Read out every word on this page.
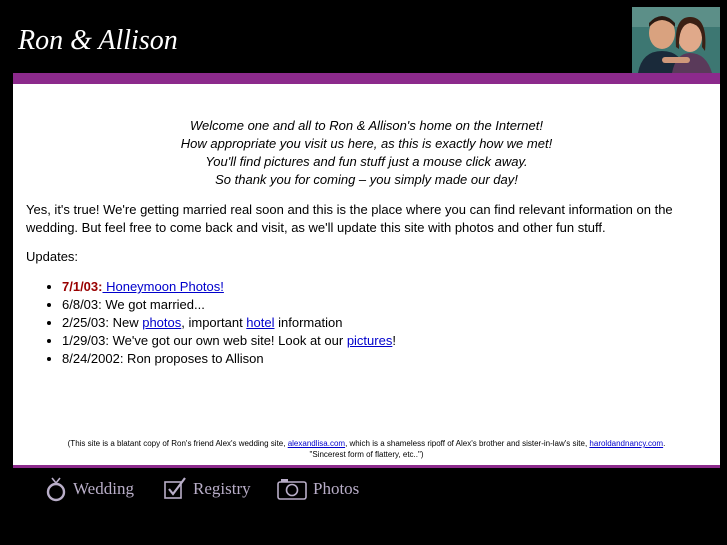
Ron & Allison
Welcome one and all to Ron & Allison's home on the Internet!
How appropriate you visit us here, as this is exactly how we met!
You'll find pictures and fun stuff just a mouse click away.
So thank you for coming – you simply made our day!
Yes, it's true! We're getting married real soon and this is the place where you can find relevant information on the wedding. But feel free to come back and visit, as we'll update this site with photos and other fun stuff.
Updates:
• 7/1/03: Honeymoon Photos!
• 6/8/03: We got married...
• 2/25/03: New photos, important hotel information
• 1/29/03: We've got our own web site! Look at our pictures!
• 8/24/2002: Ron proposes to Allison
(This site is a blatant copy of Ron's friend Alex's wedding site, alexandlisa.com, which is a shameless ripoff of Alex's brother and sister-in-law's site, haroldandnancy.com.
"Sincerest form of flattery, etc..")
Wedding	Registry	Photos
